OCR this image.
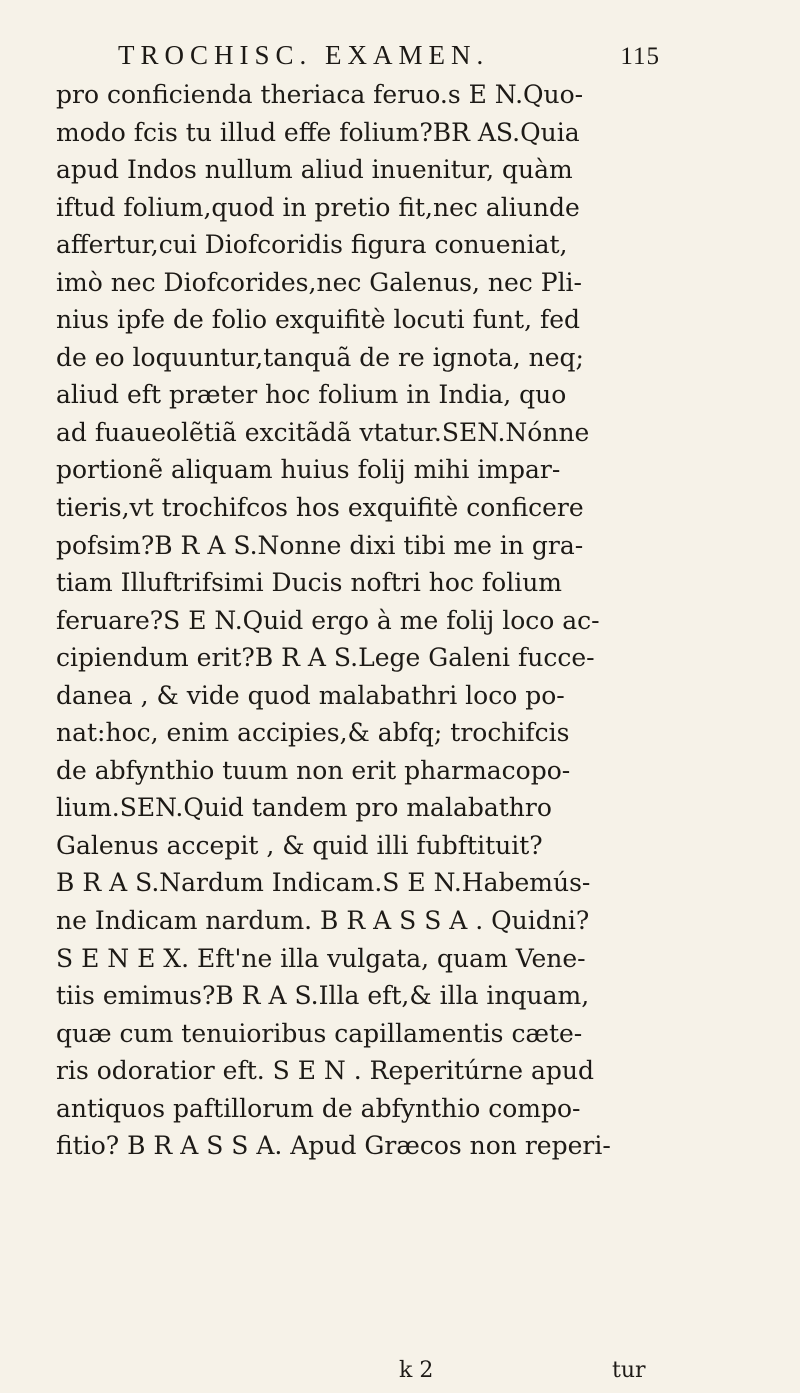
TROCHISC. EXAMEN.	115
pro conficienda theriaca feruo.s E N.Quo-
modo fcis tu illud effe folium?BR AS.Quia
apud Indos nullum aliud inuenitur, quàm
iftud folium,quod in pretio fit,nec aliunde
affertur,cui Diofcoridis figura conueniat,
imò nec Diofcorides,nec Galenus, nec Pli-
nius ipfe de folio exquifitè locuti funt, fed
de eo loquuntur,tanquã de re ignota, neq;
aliud eft præter hoc folium in India, quo
ad fuaueolẽtiã excitãdã vtatur.SEN.Nónne
portionẽ aliquam huius folij mihi impar-
tieris,vt trochifcos hos exquifitè conficere
pofsim?B R A S.Nonne dixi tibi me in gra-
tiam Illuftrifsimi Ducis noftri hoc folium
feruare?S E N.Quid ergo à me folij loco ac-
cipiendum erit?B R A S.Lege Galeni fucce-
danea , & vide quod malabathri loco po-
nat:hoc, enim accipies,& abfq; trochifcis
de abfynthio tuum non erit pharmacopo-
lium.SEN.Quid tandem pro malabathro
Galenus accepit , & quid illi fubftituit?
B R A S.Nardum Indicam.S E N.Habemús-
ne Indicam nardum. B R A S S A . Quidni?
S E N E X. Eft'ne illa vulgata, quam Vene-
tiis emimus?B R A S.Illa eft,& illa inquam,
quæ cum tenuioribus capillamentis cæte-
ris odoratior eft. S E N . Reperitúrne apud
antiquos paftillorum de abfynthio compo-
fitio? B R A S S A. Apud Græcos non reperi-
k 2	tur
